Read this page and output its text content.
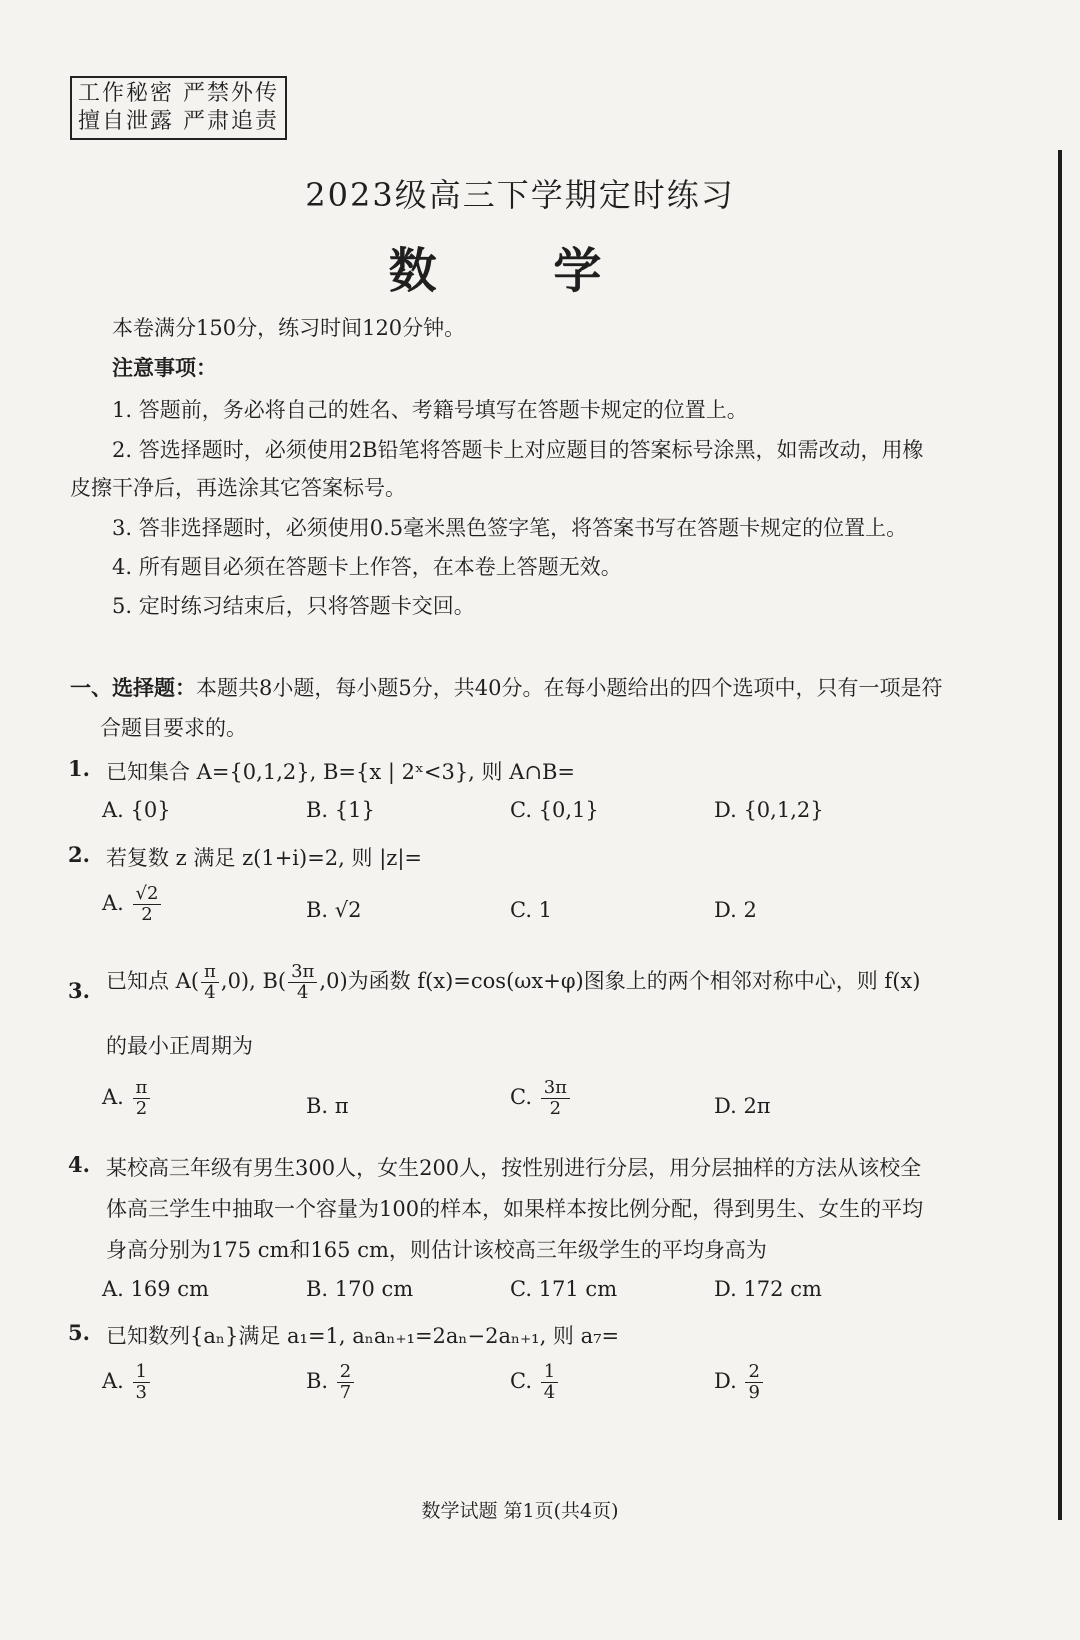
工作秘密 严禁外传
擅自泄露 严肃追责
2023级高三下学期定时练习
数 学
本卷满分150分，练习时间120分钟。
注意事项：
1. 答题前，务必将自己的姓名、考籍号填写在答题卡规定的位置上。
2. 答选择题时，必须使用2B铅笔将答题卡上对应题目的答案标号涂黑，如需改动，用橡
皮擦干净后，再选涂其它答案标号。
3. 答非选择题时，必须使用0.5毫米黑色签字笔，将答案书写在答题卡规定的位置上。
4. 所有题目必须在答题卡上作答，在本卷上答题无效。
5. 定时练习结束后，只将答题卡交回。
一、选择题：本题共8小题，每小题5分，共40分。在每小题给出的四个选项中，只有一项是符
合题目要求的。
1. 已知集合 A={0,1,2}, B={x | 2ˣ<3}, 则 A∩B=
A. {0}	B. {1}	C. {0,1}	D. {0,1,2}
2. 若复数 z 满足 z(1+i)=2, 则 |z|=
A. $\frac{√2}{2}$	B. √2	C. 1	D. 2
3. 已知点 $A( \frac{\pi}{4} ,0)$, $B( \frac{3\pi}{4} ,0)$为函数 f(x)=cos(ωx+φ)图象上的两个相邻对称中心，则 f(x)
的最小正周期为
A. $\frac{\pi}{2}$	B. π	C. $\frac{3\pi}{2}$	D. 2π
4. 某校高三年级有男生300人，女生200人，按性别进行分层，用分层抽样的方法从该校全
体高三学生中抽取一个容量为100的样本，如果样本按比例分配，得到男生、女生的平均
身高分别为175 cm和165 cm，则估计该校高三年级学生的平均身高为
A. 169 cm	B. 170 cm	C. 171 cm	D. 172 cm
5. 已知数列{aₙ}满足 a₁=1, aₙaₙ₊₁=2aₙ−2aₙ₊₁, 则 a₇=
A. $\frac{1}{3}$	B. $\frac{2}{7}$	C. $\frac{1}{4}$	D. $\frac{2}{9}$
数学试题 第1页(共4页)
